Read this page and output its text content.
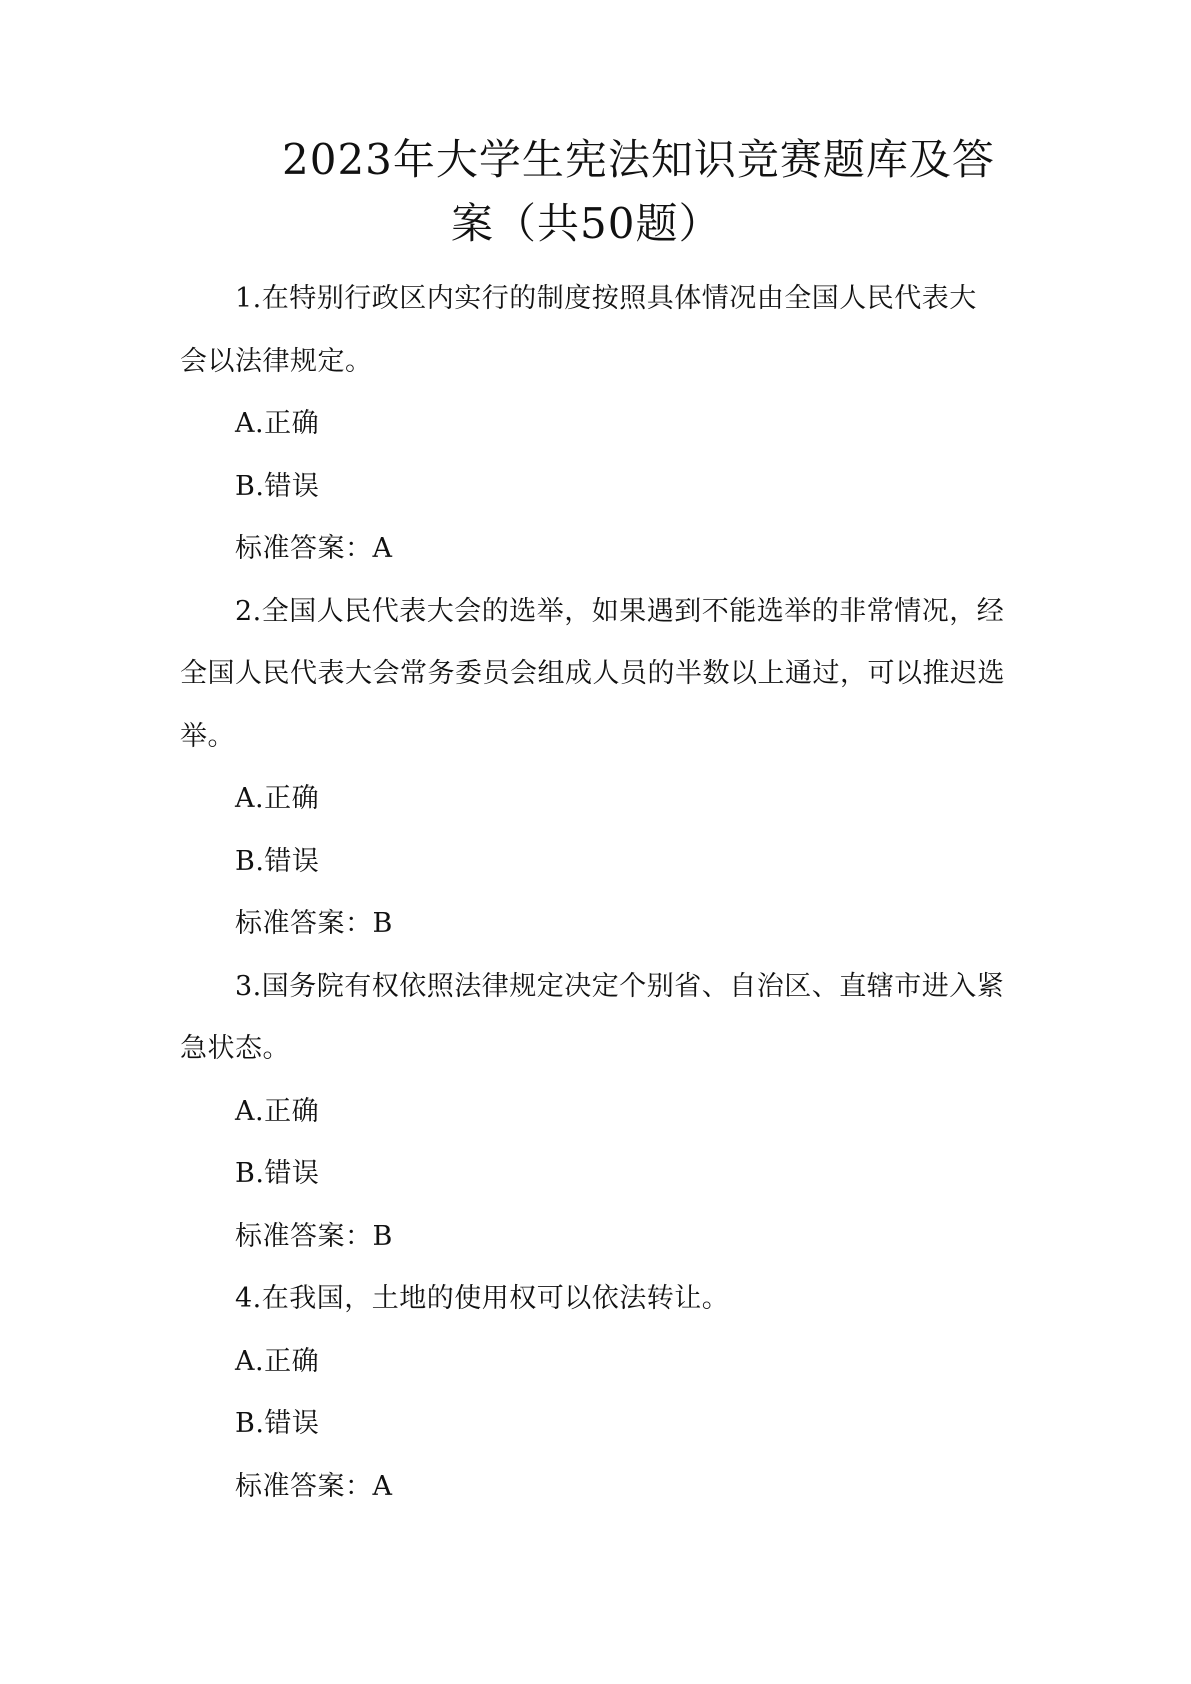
2023年大学生宪法知识竞赛题库及答
案（共50题）
1.在特别行政区内实行的制度按照具体情况由全国人民代表大
会以法律规定。
A.正确
B.错误
标准答案：A
2.全国人民代表大会的选举，如果遇到不能选举的非常情况，经
全国人民代表大会常务委员会组成人员的半数以上通过，可以推迟选
举。
A.正确
B.错误
标准答案：B
3.国务院有权依照法律规定决定个别省、自治区、直辖市进入紧
急状态。
A.正确
B.错误
标准答案：B
4.在我国，土地的使用权可以依法转让。
A.正确
B.错误
标准答案：A
